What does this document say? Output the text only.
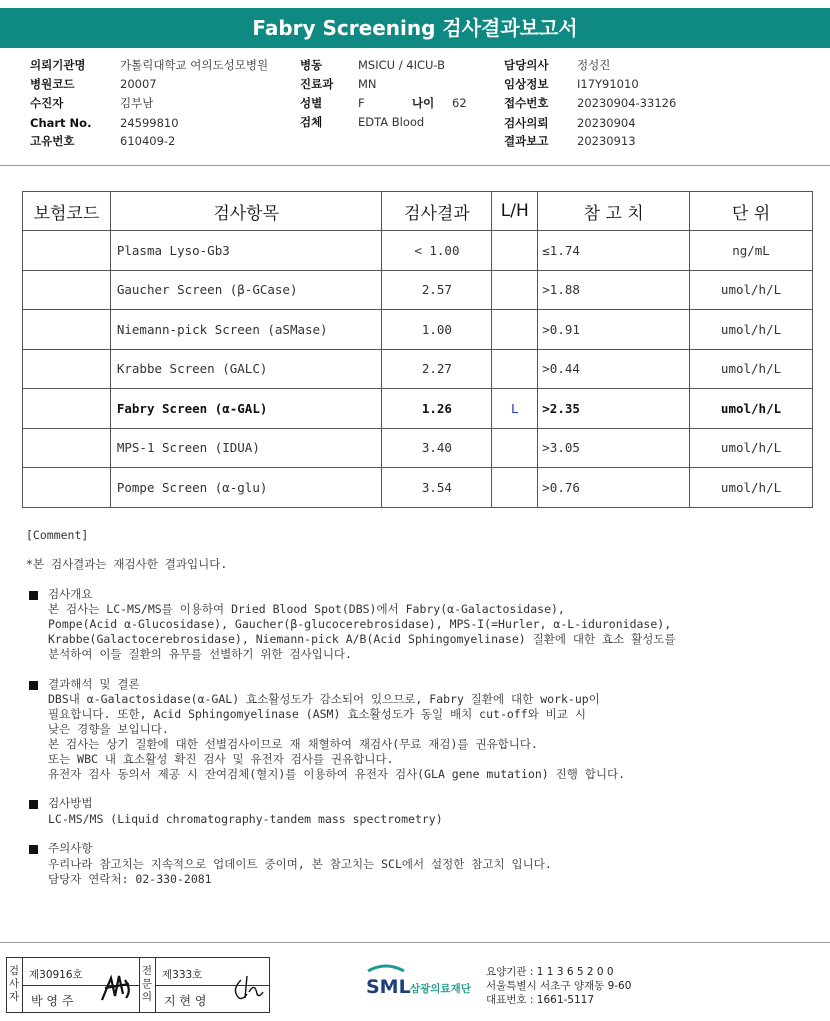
Fabry Screening 검사결과보고서
의뢰기관명	가톨릭대학교 여의도성모병원
병원코드	20007
수진자	김부남
Chart No. 24599810
고유번호	610409-2
병동	MSICU / 4ICU-B
진료과 MN
성별	F	나이 62
검체	EDTA Blood
담당의사 정성진
임상정보 I17Y91010
접수번호 20230904-33126
검사의뢰 20230904
결과보고 20230913
보험코드	검사항목	검사결과	L/H	참 고 치	단 위
	Plasma Lyso-Gb3	< 1.00		≤1.74	ng/mL
	Gaucher Screen (β-GCase)	2.57		>1.88	umol/h/L
	Niemann-pick Screen (aSMase)	1.00		>0.91	umol/h/L
	Krabbe Screen (GALC)	2.27		>0.44	umol/h/L
	Fabry Screen (α-GAL)	1.26	L	>2.35	umol/h/L
	MPS-1 Screen (IDUA)	3.40		>3.05	umol/h/L
	Pompe Screen (α-glu)	3.54		>0.76	umol/h/L
[Comment]
*본 검사결과는 재검사한 결과입니다.
검사개요
본 검사는 LC-MS/MS를 이용하여 Dried Blood Spot(DBS)에서 Fabry(α-Galactosidase),
Pompe(Acid α-Glucosidase), Gaucher(β-glucocerebrosidase), MPS-I(=Hurler, α-L-iduronidase),
Krabbe(Galactocerebrosidase), Niemann-pick A/B(Acid Sphingomyelinase) 질환에 대한 효소 활성도를
분석하여 이들 질환의 유무를 선별하기 위한 검사입니다.
결과해석 및 결론
DBS내 α-Galactosidase(α-GAL) 효소활성도가 감소되어 있으므로, Fabry 질환에 대한 work-up이
필요합니다. 또한, Acid Sphingomyelinase (ASM) 효소활성도가 동일 배치 cut-off와 비교 시
낮은 경향을 보입니다.
본 검사는 상기 질환에 대한 선별검사이므로 재 채혈하여 재검사(무료 재검)를 권유합니다.
또는 WBC 내 효소활성 확진 검사 및 유전자 검사를 권유합니다.
유전자 검사 동의서 제공 시 잔여검체(혈지)를 이용하여 유전자 검사(GLA gene mutation) 진행 합니다.
검사방법
LC-MS/MS (Liquid chromatography-tandem mass spectrometry)
주의사항
우리나라 참고치는 지속적으로 업데이트 중이며, 본 참고치는 SCL에서 설정한 참고치 입니다.
담당자 연락처: 02-330-2081
검사자
제30916호
박 영 주
전문의
제333호
지 현 영
SML 삼광의료재단
요양기관 : 1 1 3 6 5 2 0 0
서울특별시 서초구 양재동 9-60
대표번호 : 1661-5117
